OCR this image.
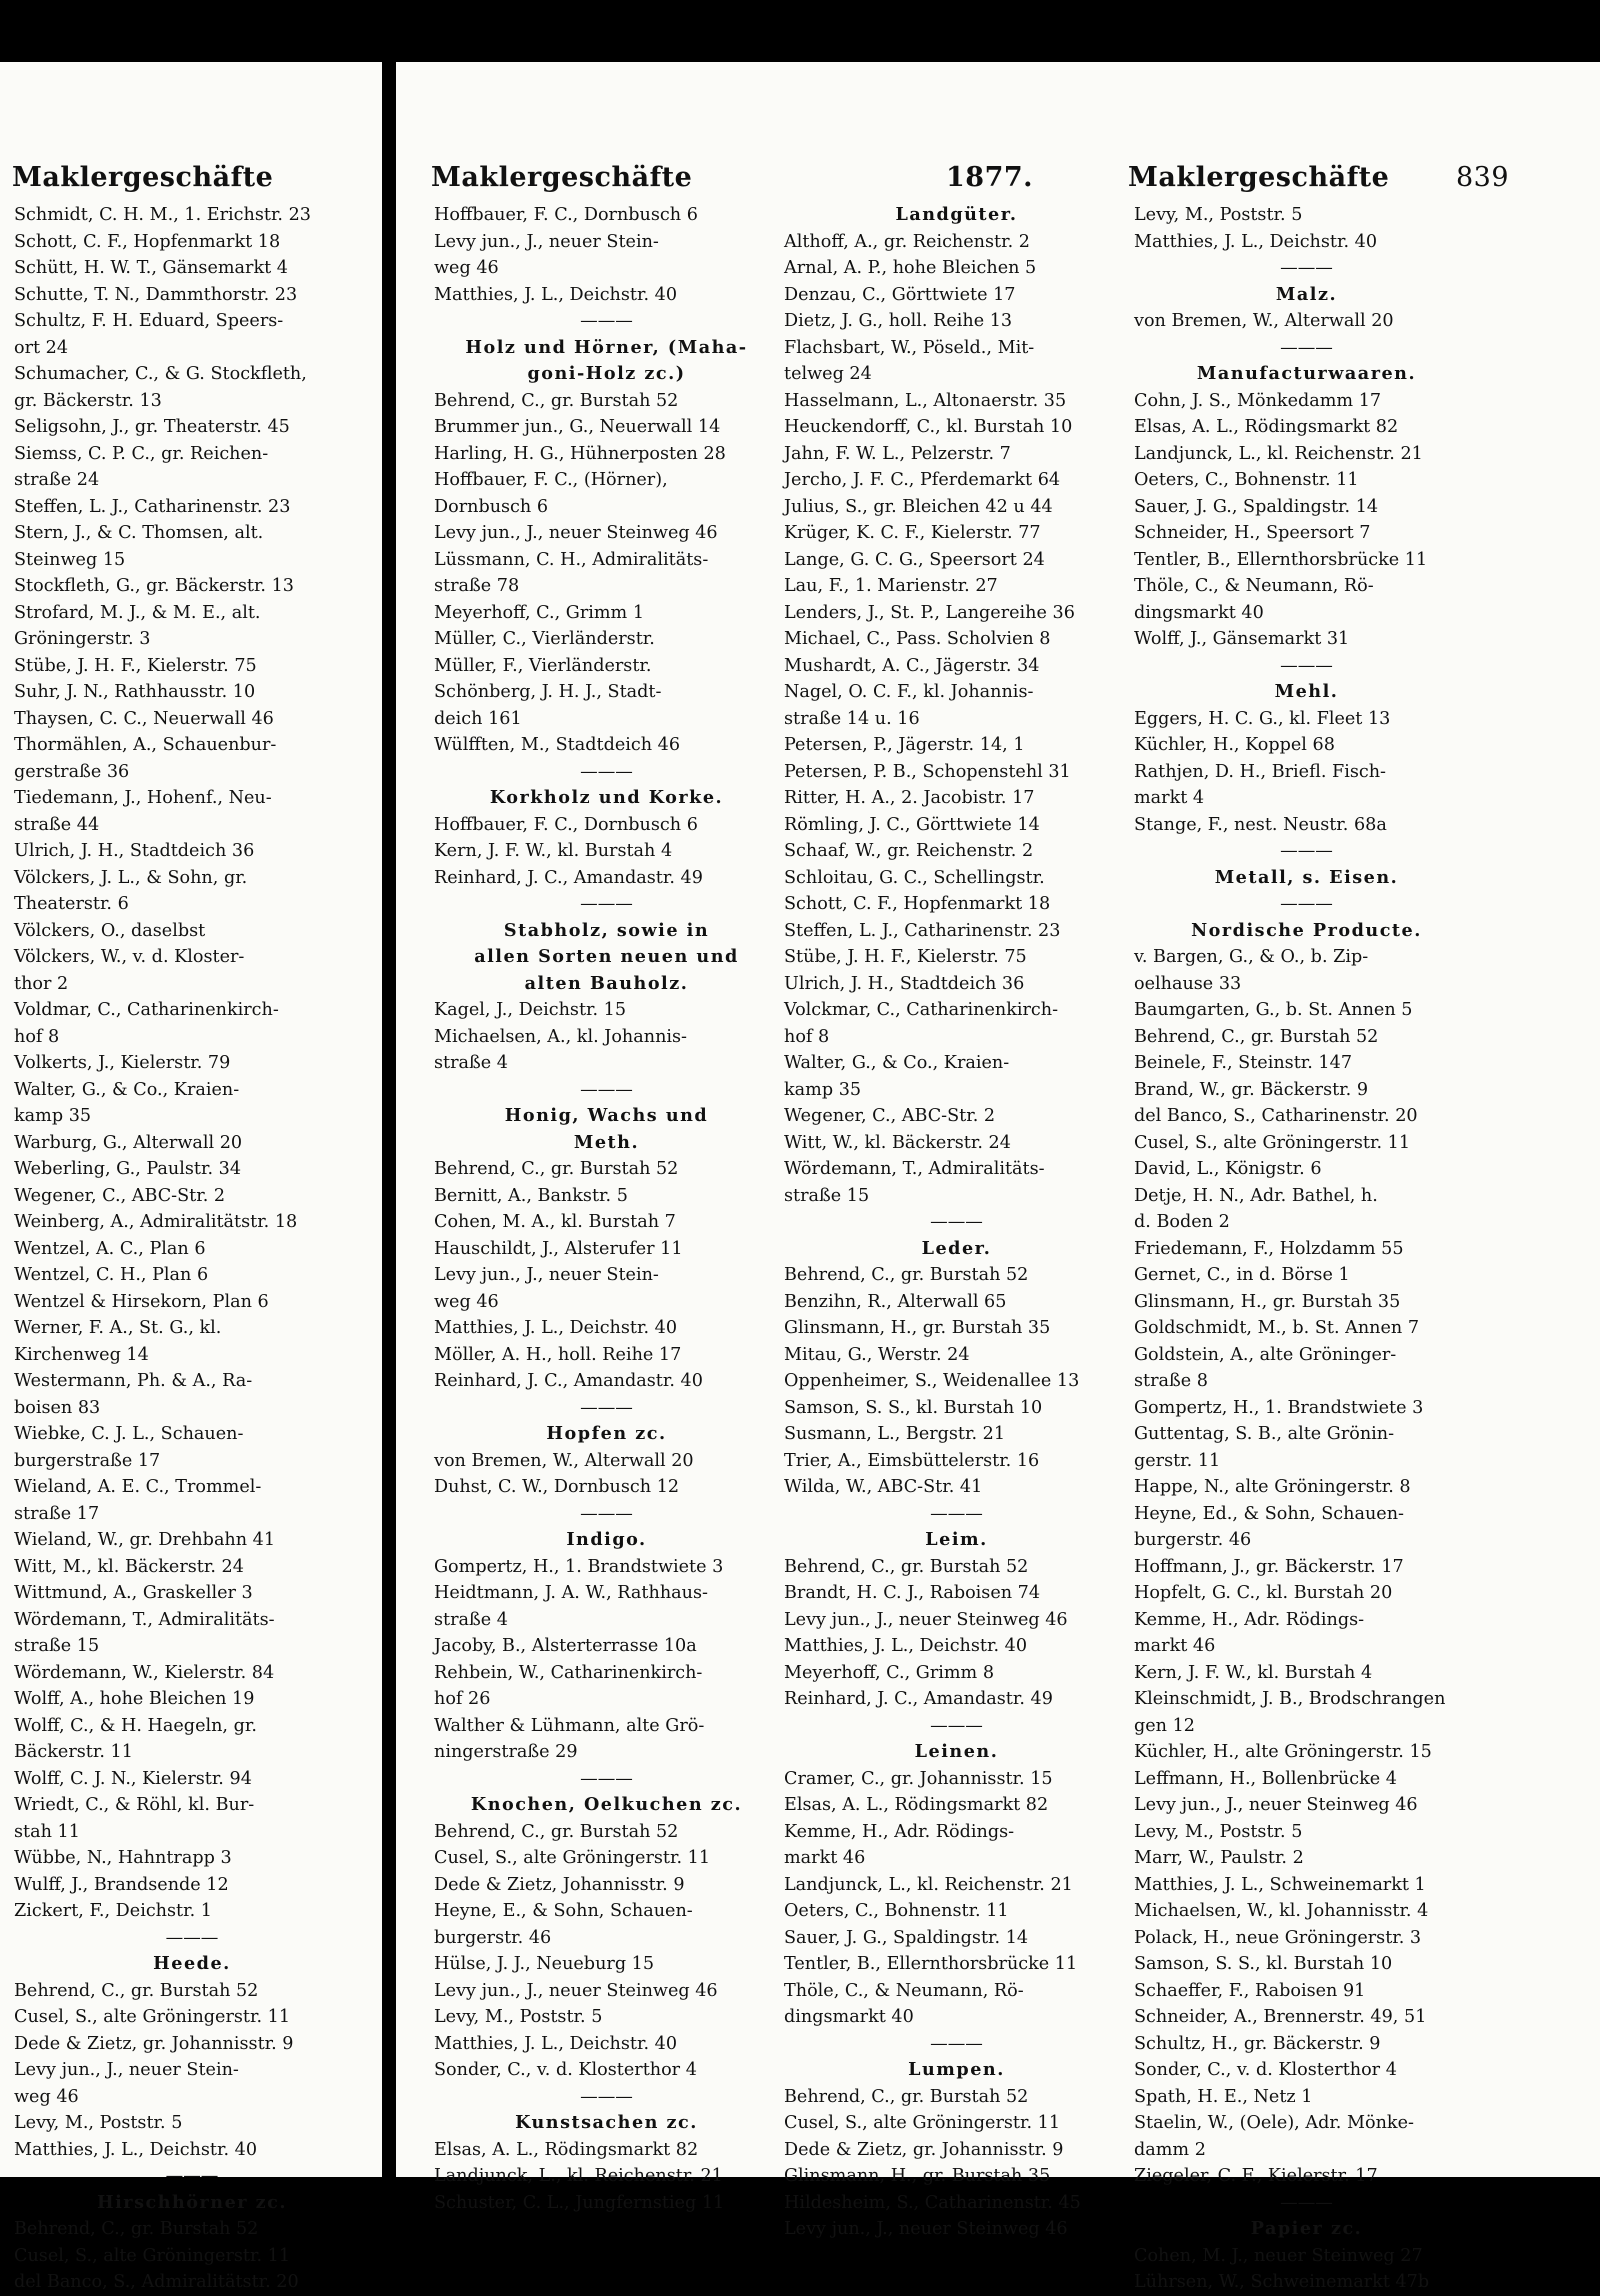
Maklergeschäfte
Schmidt, C. H. M., 1. Erichstr. 23
Schott, C. F., Hopfenmarkt 18
Schütt, H. W. T., Gänsemarkt 4
Schutte, T. N., Dammthorstr. 23
Schultz, F. H. Eduard, Speers-
ort 24
Schumacher, C., & G. Stockfleth,
gr. Bäckerstr. 13
Seligsohn, J., gr. Theaterstr. 45
Siemss, C. P. C., gr. Reichen-
straße 24
Steffen, L. J., Catharinenstr. 23
Stern, J., & C. Thomsen, alt.
Steinweg 15
Stockfleth, G., gr. Bäckerstr. 13
Strofard, M. J., & M. E., alt.
Gröningerstr. 3
Stübe, J. H. F., Kielerstr. 75
Suhr, J. N., Rathhausstr. 10
Thaysen, C. C., Neuerwall 46
Thormählen, A., Schauenbur-
gerstraße 36
Tiedemann, J., Hohenf., Neu-
straße 44
Ulrich, J. H., Stadtdeich 36
Völckers, J. L., & Sohn, gr.
Theaterstr. 6
Völckers, O., daselbst
Völckers, W., v. d. Kloster-
thor 2
Voldmar, C., Catharinenkirch-
hof 8
Volkerts, J., Kielerstr. 79
Walter, G., & Co., Kraien-
kamp 35
Warburg, G., Alterwall 20
Weberling, G., Paulstr. 34
Wegener, C., ABC-Str. 2
Weinberg, A., Admiralitätstr. 18
Wentzel, A. C., Plan 6
Wentzel, C. H., Plan 6
Wentzel & Hirsekorn, Plan 6
Werner, F. A., St. G., kl.
Kirchenweg 14
Westermann, Ph. & A., Ra-
boisen 83
Wiebke, C. J. L., Schauen-
burgerstraße 17
Wieland, A. E. C., Trommel-
straße 17
Wieland, W., gr. Drehbahn 41
Witt, M., kl. Bäckerstr. 24
Wittmund, A., Graskeller 3
Wördemann, T., Admiralitäts-
straße 15
Wördemann, W., Kielerstr. 84
Wolff, A., hohe Bleichen 19
Wolff, C., & H. Haegeln, gr.
Bäckerstr. 11
Wolff, C. J. N., Kielerstr. 94
Wriedt, C., & Röhl, kl. Bur-
stah 11
Wübbe, N., Hahntrapp 3
Wulff, J., Brandsende 12
Zickert, F., Deichstr. 1
———
Heede.
Behrend, C., gr. Burstah 52
Cusel, S., alte Gröningerstr. 11
Dede & Zietz, gr. Johannisstr. 9
Levy jun., J., neuer Stein-
weg 46
Levy, M., Poststr. 5
Matthies, J. L., Deichstr. 40
———
Hirschhörner zc.
Behrend, C., gr. Burstah 52
Cusel, S., alte Gröningerstr. 11
del Banco, S., Admiralitätstr. 20
Maklergeschäfte	1877.	Maklergeschäfte 839
Hoffbauer, F. C., Dornbusch 6
Levy jun., J., neuer Stein-
weg 46
Matthies, J. L., Deichstr. 40
———
Holz und Hörner, (Maha-
goni-Holz zc.)
Behrend, C., gr. Burstah 52
Brummer jun., G., Neuerwall 14
Harling, H. G., Hühnerposten 28
Hoffbauer, F. C., (Hörner),
Dornbusch 6
Levy jun., J., neuer Steinweg 46
Lüssmann, C. H., Admiralitäts-
straße 78
Meyerhoff, C., Grimm 1
Müller, C., Vierländerstr.
Müller, F., Vierländerstr.
Schönberg, J. H. J., Stadt-
deich 161
Wülfften, M., Stadtdeich 46
———
Korkholz und Korke.
Hoffbauer, F. C., Dornbusch 6
Kern, J. F. W., kl. Burstah 4
Reinhard, J. C., Amandastr. 49
———
Stabholz, sowie in
allen Sorten neuen und
alten Bauholz.
Kagel, J., Deichstr. 15
Michaelsen, A., kl. Johannis-
straße 4
———
Honig, Wachs und
Meth.
Behrend, C., gr. Burstah 52
Bernitt, A., Bankstr. 5
Cohen, M. A., kl. Burstah 7
Hauschildt, J., Alsterufer 11
Levy jun., J., neuer Stein-
weg 46
Matthies, J. L., Deichstr. 40
Möller, A. H., holl. Reihe 17
Reinhard, J. C., Amandastr. 40
———
Hopfen zc.
von Bremen, W., Alterwall 20
Duhst, C. W., Dornbusch 12
———
Indigo.
Gompertz, H., 1. Brandstwiete 3
Heidtmann, J. A. W., Rathhaus-
straße 4
Jacoby, B., Alsterterrasse 10a
Rehbein, W., Catharinenkirch-
hof 26
Walther & Lühmann, alte Grö-
ningerstraße 29
———
Knochen, Oelkuchen zc.
Behrend, C., gr. Burstah 52
Cusel, S., alte Gröningerstr. 11
Dede & Zietz, Johannisstr. 9
Heyne, E., & Sohn, Schauen-
burgerstr. 46
Hülse, J. J., Neueburg 15
Levy jun., J., neuer Steinweg 46
Levy, M., Poststr. 5
Matthies, J. L., Deichstr. 40
Sonder, C., v. d. Klosterthor 4
———
Kunstsachen zc.
Elsas, A. L., Rödingsmarkt 82
Landjunck, L., kl. Reichenstr. 21
Schuster, C. L., Jungfernstieg 11
Landgüter.
Althoff, A., gr. Reichenstr. 2
Arnal, A. P., hohe Bleichen 5
Denzau, C., Görttwiete 17
Dietz, J. G., holl. Reihe 13
Flachsbart, W., Pöseld., Mit-
telweg 24
Hasselmann, L., Altonaerstr. 35
Heuckendorff, C., kl. Burstah 10
Jahn, F. W. L., Pelzerstr. 7
Jercho, J. F. C., Pferdemarkt 64
Julius, S., gr. Bleichen 42 u 44
Krüger, K. C. F., Kielerstr. 77
Lange, G. C. G., Speersort 24
Lau, F., 1. Marienstr. 27
Lenders, J., St. P., Langereihe 36
Michael, C., Pass. Scholvien 8
Mushardt, A. C., Jägerstr. 34
Nagel, O. C. F., kl. Johannis-
straße 14 u. 16
Petersen, P., Jägerstr. 14, 1
Petersen, P. B., Schopenstehl 31
Ritter, H. A., 2. Jacobistr. 17
Römling, J. C., Görttwiete 14
Schaaf, W., gr. Reichenstr. 2
Schloitau, G. C., Schellingstr.
Schott, C. F., Hopfenmarkt 18
Steffen, L. J., Catharinenstr. 23
Stübe, J. H. F., Kielerstr. 75
Ulrich, J. H., Stadtdeich 36
Volckmar, C., Catharinenkirch-
hof 8
Walter, G., & Co., Kraien-
kamp 35
Wegener, C., ABC-Str. 2
Witt, W., kl. Bäckerstr. 24
Wördemann, T., Admiralitäts-
straße 15
———
Leder.
Behrend, C., gr. Burstah 52
Benzihn, R., Alterwall 65
Glinsmann, H., gr. Burstah 35
Mitau, G., Werstr. 24
Oppenheimer, S., Weidenallee 13
Samson, S. S., kl. Burstah 10
Susmann, L., Bergstr. 21
Trier, A., Eimsbüttelerstr. 16
Wilda, W., ABC-Str. 41
———
Leim.
Behrend, C., gr. Burstah 52
Brandt, H. C. J., Raboisen 74
Levy jun., J., neuer Steinweg 46
Matthies, J. L., Deichstr. 40
Meyerhoff, C., Grimm 8
Reinhard, J. C., Amandastr. 49
———
Leinen.
Cramer, C., gr. Johannisstr. 15
Elsas, A. L., Rödingsmarkt 82
Kemme, H., Adr. Rödings-
markt 46
Landjunck, L., kl. Reichenstr. 21
Oeters, C., Bohnenstr. 11
Sauer, J. G., Spaldingstr. 14
Tentler, B., Ellernthorsbrücke 11
Thöle, C., & Neumann, Rö-
dingsmarkt 40
———
Lumpen.
Behrend, C., gr. Burstah 52
Cusel, S., alte Gröningerstr. 11
Dede & Zietz, gr. Johannisstr. 9
Glinsmann, H., gr. Burstah 35
Hildesheim, S., Catharinenstr. 45
Levy jun., J., neuer Steinweg 46
Levy, M., Poststr. 5
Matthies, J. L., Deichstr. 40
———
Malz.
von Bremen, W., Alterwall 20
———
Manufacturwaaren.
Cohn, J. S., Mönkedamm 17
Elsas, A. L., Rödingsmarkt 82
Landjunck, L., kl. Reichenstr. 21
Oeters, C., Bohnenstr. 11
Sauer, J. G., Spaldingstr. 14
Schneider, H., Speersort 7
Tentler, B., Ellernthorsbrücke 11
Thöle, C., & Neumann, Rö-
dingsmarkt 40
Wolff, J., Gänsemarkt 31
———
Mehl.
Eggers, H. C. G., kl. Fleet 13
Küchler, H., Koppel 68
Rathjen, D. H., Briefl. Fisch-
markt 4
Stange, F., nest. Neustr. 68a
———
Metall, s. Eisen.
———
Nordische Producte.
v. Bargen, G., & O., b. Zip-
oelhause 33
Baumgarten, G., b. St. Annen 5
Behrend, C., gr. Burstah 52
Beinele, F., Steinstr. 147
Brand, W., gr. Bäckerstr. 9
del Banco, S., Catharinenstr. 20
Cusel, S., alte Gröningerstr. 11
David, L., Königstr. 6
Detje, H. N., Adr. Bathel, h.
d. Boden 2
Friedemann, F., Holzdamm 55
Gernet, C., in d. Börse 1
Glinsmann, H., gr. Burstah 35
Goldschmidt, M., b. St. Annen 7
Goldstein, A., alte Gröninger-
straße 8
Gompertz, H., 1. Brandstwiete 3
Guttentag, S. B., alte Grönin-
gerstr. 11
Happe, N., alte Gröningerstr. 8
Heyne, Ed., & Sohn, Schauen-
burgerstr. 46
Hoffmann, J., gr. Bäckerstr. 17
Hopfelt, G. C., kl. Burstah 20
Kemme, H., Adr. Rödings-
markt 46
Kern, J. F. W., kl. Burstah 4
Kleinschmidt, J. B., Brodschrangen
gen 12
Küchler, H., alte Gröningerstr. 15
Leffmann, H., Bollenbrücke 4
Levy jun., J., neuer Steinweg 46
Levy, M., Poststr. 5
Marr, W., Paulstr. 2
Matthies, J. L., Schweinemarkt 1
Michaelsen, W., kl. Johannisstr. 4
Polack, H., neue Gröningerstr. 3
Samson, S. S., kl. Burstah 10
Schaeffer, F., Raboisen 91
Schneider, A., Brennerstr. 49, 51
Schultz, H., gr. Bäckerstr. 9
Sonder, C., v. d. Klosterthor 4
Spath, H. E., Netz 1
Staelin, W., (Oele), Adr. Mönke-
damm 2
Ziegeler, C. F., Kielerstr. 17
———
Papier zc.
Cohen, M. J., neuer Steinweg 27
Lührsen, W., Schweinemarkt 47b
